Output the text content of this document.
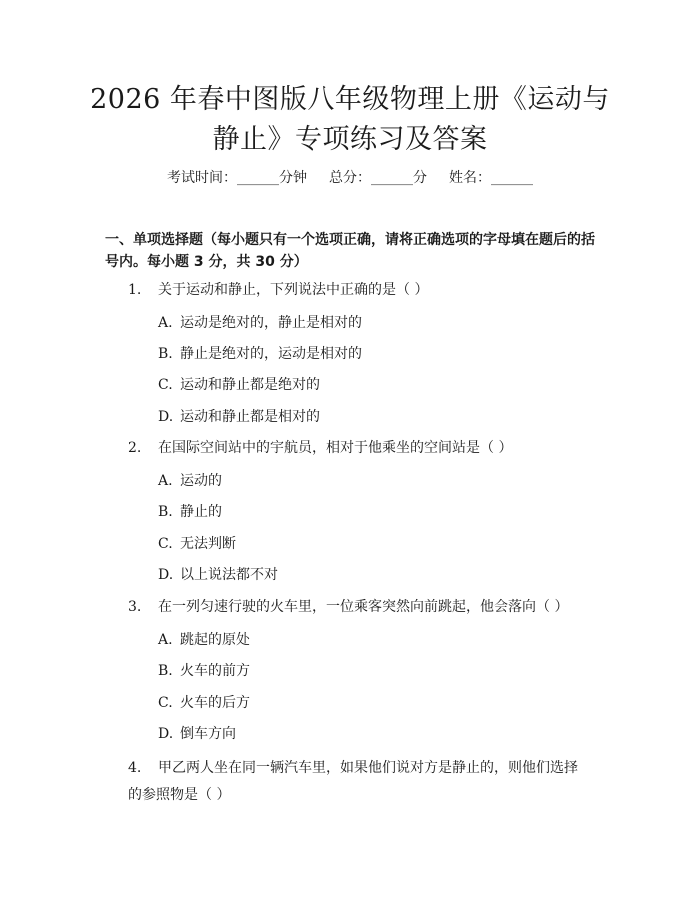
2026 年春中图版八年级物理上册《运动与静止》专项练习及答案
考试时间：______分钟 总分：______分 姓名：______
一、单项选择题（每小题只有一个选项正确，请将正确选项的字母填在题后的括号内。每小题 3 分，共 30 分）
1. 关于运动和静止，下列说法中正确的是（ ）
A. 运动是绝对的，静止是相对的
B. 静止是绝对的，运动是相对的
C. 运动和静止都是绝对的
D. 运动和静止都是相对的
2. 在国际空间站中的宇航员，相对于他乘坐的空间站是（ ）
A. 运动的
B. 静止的
C. 无法判断
D. 以上说法都不对
3. 在一列匀速行驶的火车里，一位乘客突然向前跳起，他会落向（ ）
A. 跳起的原处
B. 火车的前方
C. 火车的后方
D. 倒车方向
4. 甲乙两人坐在同一辆汽车里，如果他们说对方是静止的，则他们选择的参照物是（ ）
